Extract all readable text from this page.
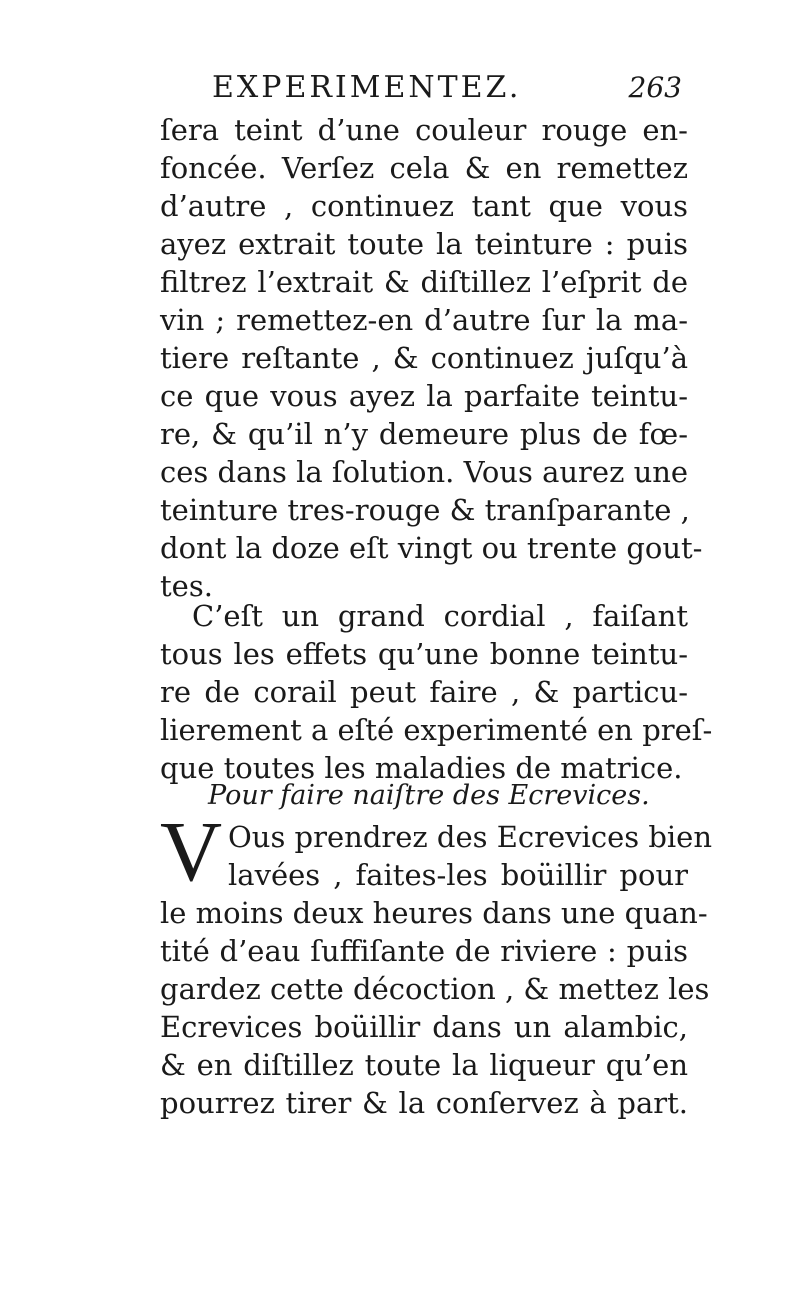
EXPERIMENTEZ.	263
ſera teint d’une couleur rouge en-
foncée. Verſez cela & en remettez
d’autre , continuez tant que vous
ayez extrait toute la teinture : puis
filtrez l’extrait & diſtillez l’eſprit de
vin ; remettez-en d’autre ſur la ma-
tiere reſtante , & continuez juſqu’à
ce que vous ayez la parfaite teintu-
re, & qu’il n’y demeure plus de fœ-
ces dans la ſolution. Vous aurez une
teinture tres-rouge & tranſparante ,
dont la doze eſt vingt ou trente gout-
tes.
C’eſt un grand cordial , faiſant
tous les effets qu’une bonne teintu-
re de corail peut faire , & particu-
lierement a eſté experimenté en preſ-
que toutes les maladies de matrice.
Pour faire naiſtre des Ecrevices.
V Ous prendrez des Ecrevices bien
lavées , faites-les boüillir pour
le moins deux heures dans une quan-
tité d’eau ſuffiſante de riviere : puis
gardez cette décoction , & mettez les
Ecrevices boüillir dans un alambic,
& en diſtillez toute la liqueur qu’en
pourrez tirer & la conſervez à part.
